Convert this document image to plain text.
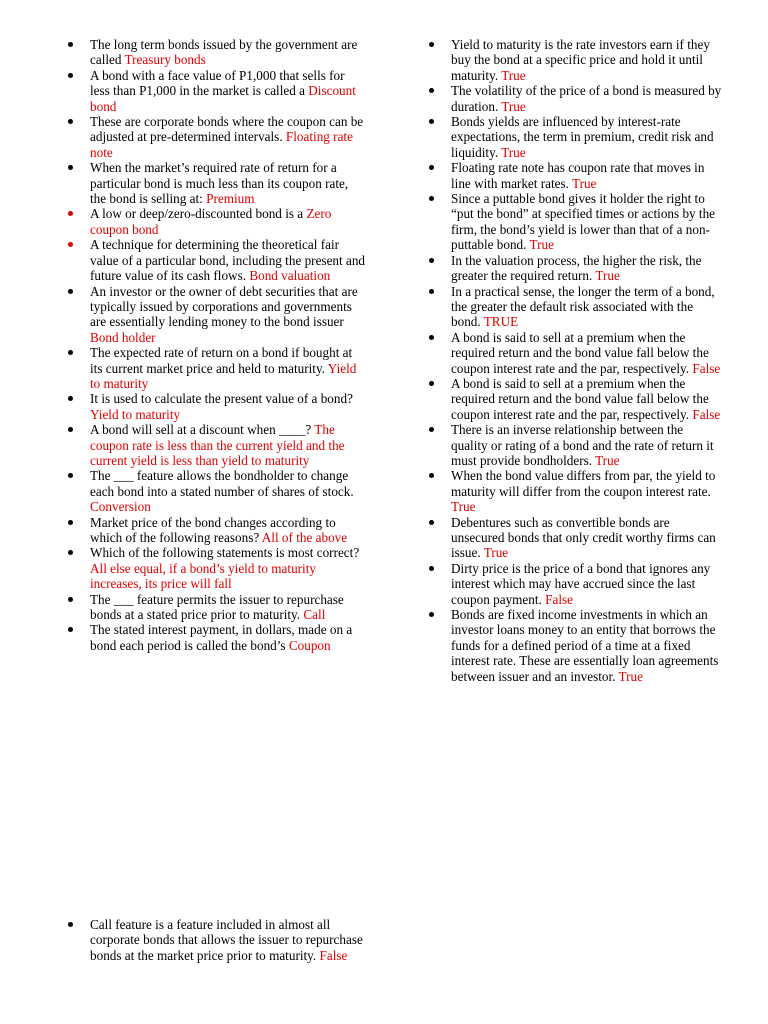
The long term bonds issued by the government are called Treasury bonds
A bond with a face value of P1,000 that sells for less than P1,000 in the market is called a Discount bond
These are corporate bonds where the coupon can be adjusted at pre-determined intervals. Floating rate note
When the market’s required rate of return for a particular bond is much less than its coupon rate, the bond is selling at: Premium
A low or deep/zero-discounted bond is a Zero coupon bond
A technique for determining the theoretical fair value of a particular bond, including the present and future value of its cash flows. Bond valuation
An investor or the owner of debt securities that are typically issued by corporations and governments are essentially lending money to the bond issuer Bond holder
The expected rate of return on a bond if bought at its current market price and held to maturity. Yield to maturity
It is used to calculate the present value of a bond? Yield to maturity
A bond will sell at a discount when ____? The coupon rate is less than the current yield and the current yield is less than yield to maturity
The ___ feature allows the bondholder to change each bond into a stated number of shares of stock. Conversion
Market price of the bond changes according to which of the following reasons? All of the above
Which of the following statements is most correct? All else equal, if a bond’s yield to maturity increases, its price will fall
The ___ feature permits the issuer to repurchase bonds at a stated price prior to maturity. Call
The stated interest payment, in dollars, made on a bond each period is called the bond’s Coupon
Yield to maturity is the rate investors earn if they buy the bond at a specific price and hold it until maturity. True
The volatility of the price of a bond is measured by duration. True
Bonds yields are influenced by interest-rate expectations, the term in premium, credit risk and liquidity. True
Floating rate note has coupon rate that moves in line with market rates. True
Since a puttable bond gives it holder the right to “put the bond” at specified times or actions by the firm, the bond’s yield is lower than that of a non-puttable bond. True
In the valuation process, the higher the risk, the greater the required return. True
In a practical sense, the longer the term of a bond, the greater the default risk associated with the bond. TRUE
A bond is said to sell at a premium when the required return and the bond value fall below the coupon interest rate and the par, respectively. False
A bond is said to sell at a premium when the required return and the bond value fall below the coupon interest rate and the par, respectively. False
There is an inverse relationship between the quality or rating of a bond and the rate of return it must provide bondholders. True
When the bond value differs from par, the yield to maturity will differ from the coupon interest rate. True
Debentures such as convertible bonds are unsecured bonds that only credit worthy firms can issue. True
Dirty price is the price of a bond that ignores any interest which may have accrued since the last coupon payment. False
Bonds are fixed income investments in which an investor loans money to an entity that borrows the funds for a defined period of a time at a fixed interest rate. These are essentially loan agreements between issuer and an investor. True
Call feature is a feature included in almost all corporate bonds that allows the issuer to repurchase bonds at the market price prior to maturity. False
